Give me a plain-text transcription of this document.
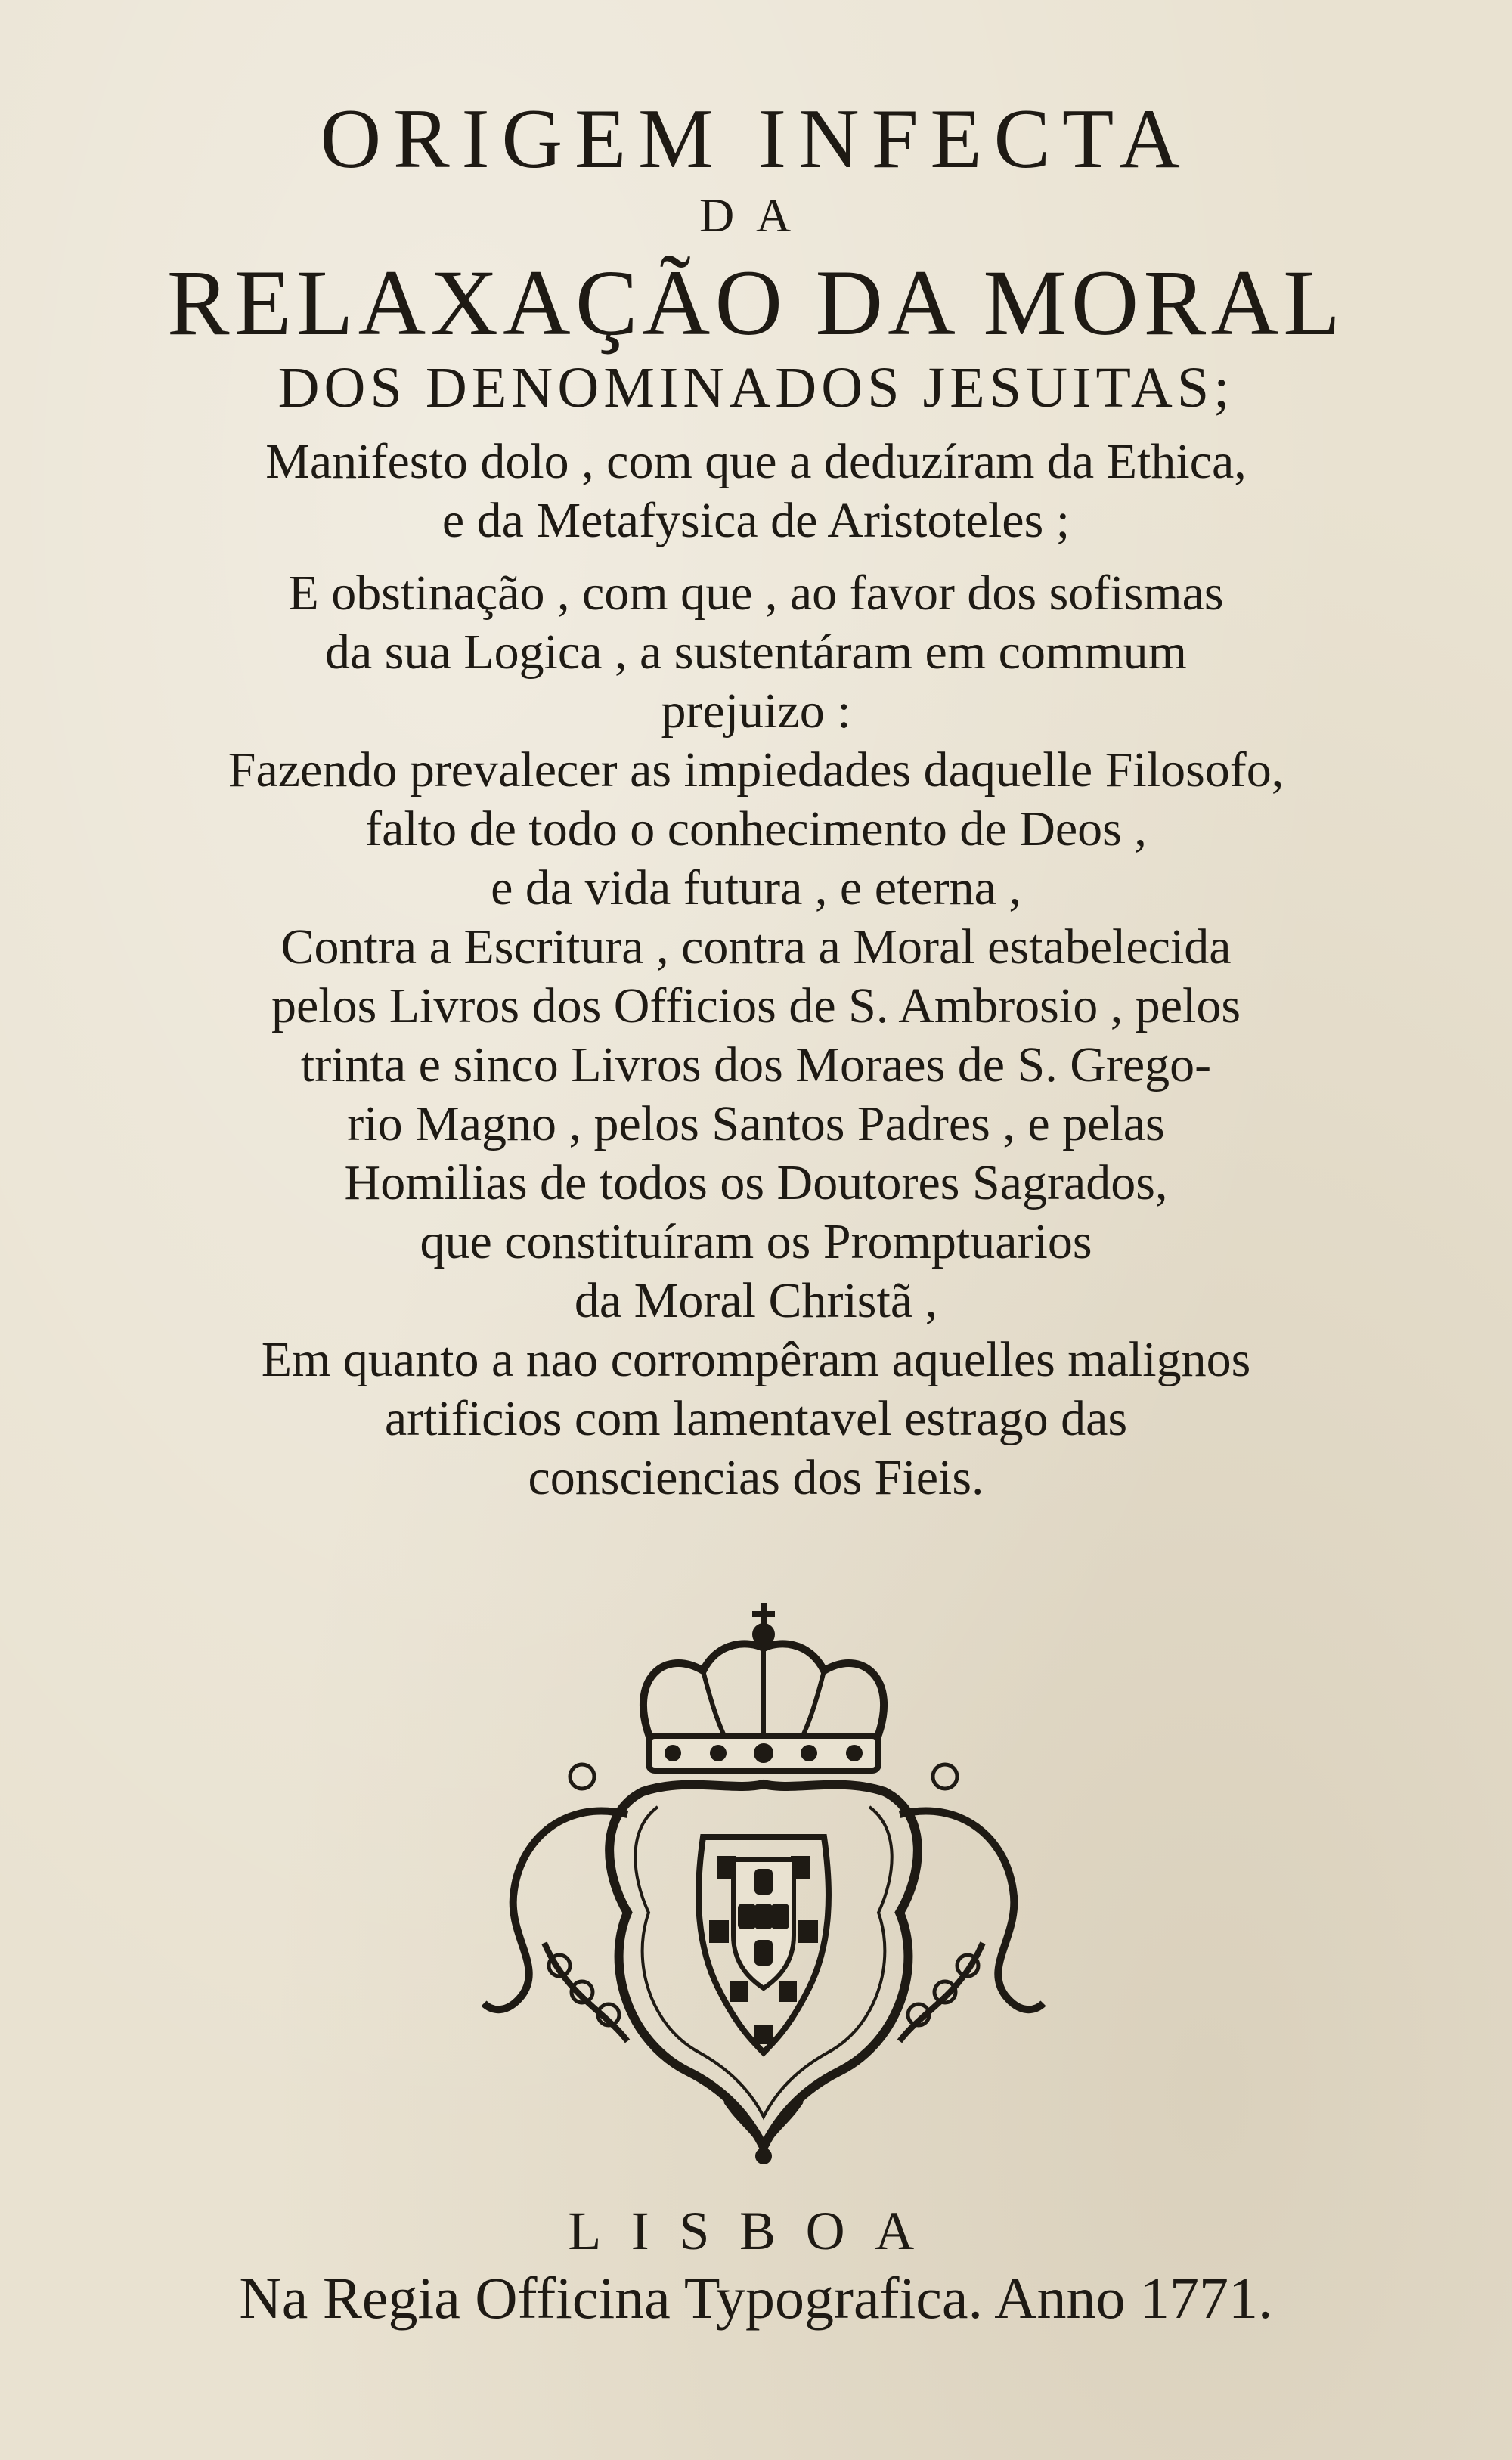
ORIGEM INFECTA
DA
RELAXAÇÃO DA MORAL
DOS DENOMINADOS JESUITAS;
Manifesto dolo , com que a deduzíram da Ethica,
e da Metafysica de Aristoteles ;
E obstinação , com que , ao favor dos sofismas
da sua Logica , a sustentáram em commum
prejuizo :
Fazendo prevalecer as impiedades daquelle Filosofo,
falto de todo o conhecimento de Deos ,
e da vida futura , e eterna ,
Contra a Escritura , contra a Moral estabelecida
pelos Livros dos Officios de S. Ambrosio , pelos
trinta e sinco Livros dos Moraes de S. Grego-
rio Magno , pelos Santos Padres , e pelas
Homilias de todos os Doutores Sagrados,
que constituíram os Promptuarios
da Moral Christã ,
Em quanto a nao corrompêram aquelles malignos
artificios com lamentavel estrago das
consciencias dos Fieis.
LISBOA
Na Regia Officina Typografica. Anno 1771.
